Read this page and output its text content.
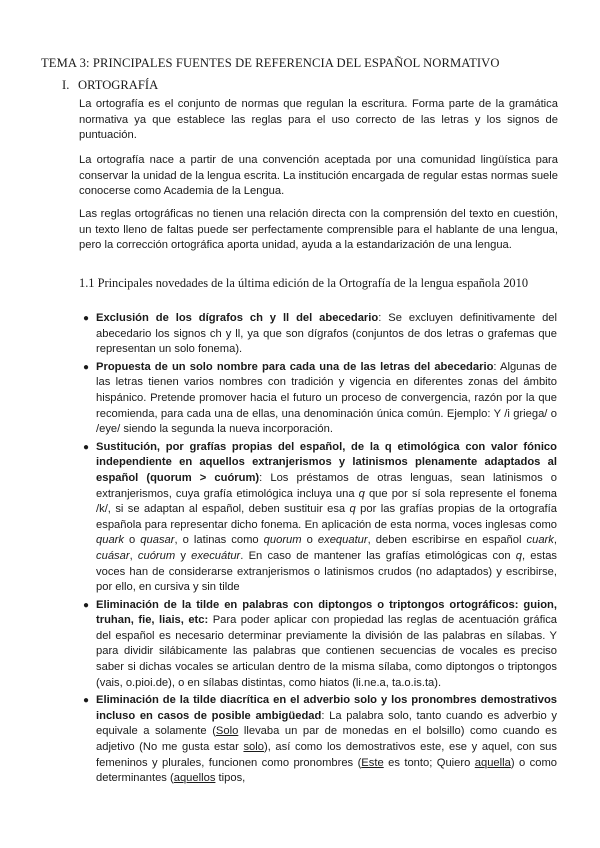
TEMA 3: PRINCIPALES FUENTES DE REFERENCIA DEL ESPAÑOL NORMATIVO
I. ORTOGRAFÍA

La ortografía es el conjunto de normas que regulan la escritura. Forma parte de la gramática normativa ya que establece las reglas para el uso correcto de las letras y los signos de puntuación.

La ortografía nace a partir de una convención aceptada por una comunidad lingüística para conservar la unidad de la lengua escrita. La institución encargada de regular estas normas suele conocerse como Academia de la Lengua.

Las reglas ortográficas no tienen una relación directa con la comprensión del texto en cuestión, un texto lleno de faltas puede ser perfectamente comprensible para el hablante de una lengua, pero la corrección ortográfica aporta unidad, ayuda a la estandarización de una lengua.

1.1 Principales novedades de la última edición de la Ortografía de la lengua española 2010

● Exclusión de los dígrafos ch y ll del abecedario: Se excluyen definitivamente del abecedario los signos ch y ll, ya que son dígrafos (conjuntos de dos letras o grafemas que representan un solo fonema).
● Propuesta de un solo nombre para cada una de las letras del abecedario: Algunas de las letras tienen varios nombres con tradición y vigencia en diferentes zonas del ámbito hispánico. Pretende promover hacia el futuro un proceso de convergencia, razón por la que recomienda, para cada una de ellas, una denominación única común. Ejemplo: Y /i griega/ o /eye/ siendo la segunda la nueva incorporación.
● Sustitución, por grafías propias del español, de la q etimológica con valor fónico independiente en aquellos extranjerismos y latinismos plenamente adaptados al español (quorum > cuórum): Los préstamos de otras lenguas, sean latinismos o extranjerismos, cuya grafía etimológica incluya una q que por sí sola represente el fonema /k/, si se adaptan al español, deben sustituir esa q por las grafías propias de la ortografía española para representar dicho fonema. En aplicación de esta norma, voces inglesas como quark o quasar, o latinas como quorum o exequatur, deben escribirse en español cuark, cuásar, cuórum y execuátur. En caso de mantener las grafías etimológicas con q, estas voces han de considerarse extranjerismos o latinismos crudos (no adaptados) y escribirse, por ello, en cursiva y sin tilde
● Eliminación de la tilde en palabras con diptongos o triptongos ortográficos: guion, truhan, fie, liais, etc: Para poder aplicar con propiedad las reglas de acentuación gráfica del español es necesario determinar previamente la división de las palabras en sílabas. Y para dividir silábicamente las palabras que contienen secuencias de vocales es preciso saber si dichas vocales se articulan dentro de la misma sílaba, como diptongos o triptongos (vais, o.pioi.de), o en sílabas distintas, como hiatos (li.ne.a, ta.o.is.ta).
● Eliminación de la tilde diacrítica en el adverbio solo y los pronombres demostrativos incluso en casos de posible ambigüedad: La palabra solo, tanto cuando es adverbio y equivale a solamente (Solo llevaba un par de monedas en el bolsillo) como cuando es adjetivo (No me gusta estar solo), así como los demostrativos este, ese y aquel, con sus femeninos y plurales, funcionen como pronombres (Este es tonto; Quiero aquella) o como determinantes (aquellos tipos,
